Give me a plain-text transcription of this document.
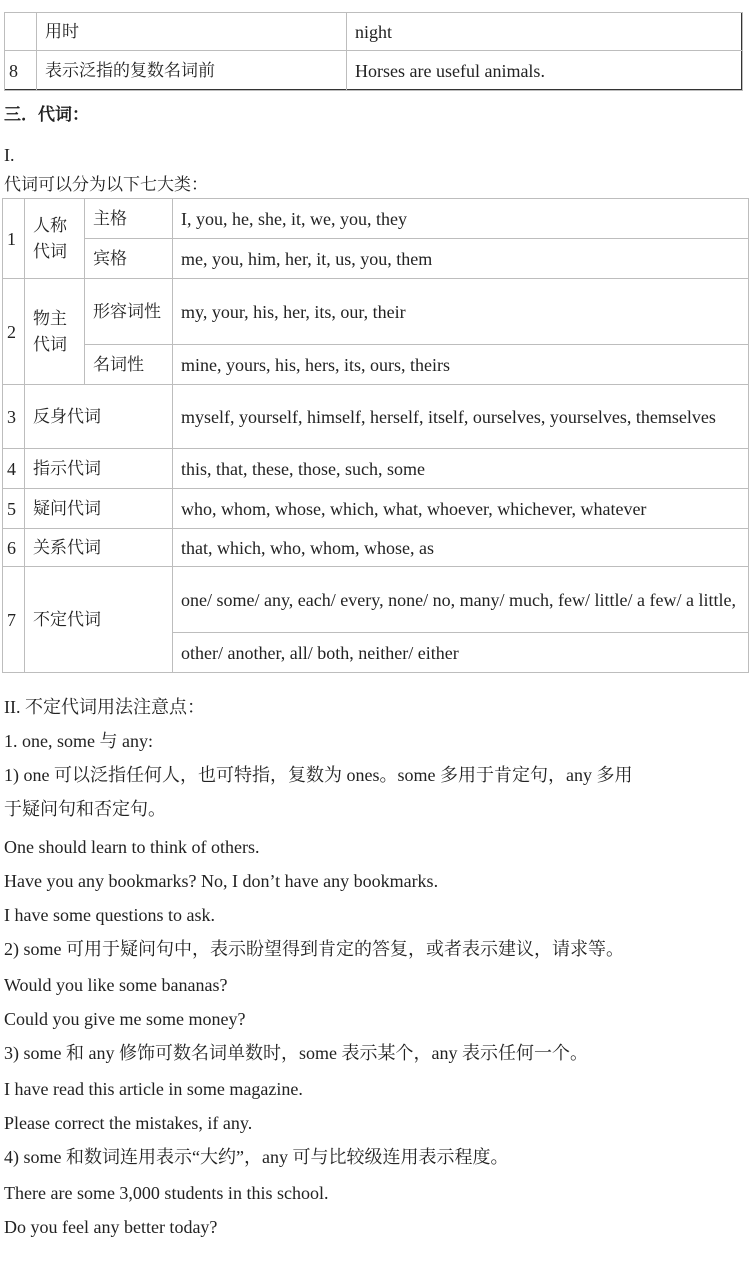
	用时	night
8	表示泛指的复数名词前	Horses are useful animals.
三．代词：
I.
代词可以分为以下七大类：
1	人称代词	主格	I, you, he, she, it, we, you, they
		宾格	me, you, him, her, it, us, you, them
2	物主代词	形容词性	my, your, his, her, its, our, their
		名词性	mine, yours, his, hers, its, ours, theirs
3	反身代词		myself, yourself, himself, herself, itself, ourselves, yourselves, themselves
4	指示代词		this, that, these, those, such, some
5	疑问代词		who, whom, whose, which, what, whoever, whichever, whatever
6	关系代词		that, which, who, whom, whose, as
7	不定代词		one/ some/ any, each/ every, none/ no, many/ much, few/ little/ a few/ a little,
			other/ another, all/ both, neither/ either
II. 不定代词用法注意点：
1. one, some 与 any:
1) one 可以泛指任何人，也可特指，复数为 ones。some 多用于肯定句，any 多用
于疑问句和否定句。
One should learn to think of others.
Have you any bookmarks? No, I don’t have any bookmarks.
I have some questions to ask.
2) some 可用于疑问句中，表示盼望得到肯定的答复，或者表示建议，请求等。
Would you like some bananas?
Could you give me some money?
3) some 和 any 修饰可数名词单数时，some 表示某个，any 表示任何一个。
I have read this article in some magazine.
Please correct the mistakes, if any.
4) some 和数词连用表示“大约”，any 可与比较级连用表示程度。
There are some 3,000 students in this school.
Do you feel any better today?
